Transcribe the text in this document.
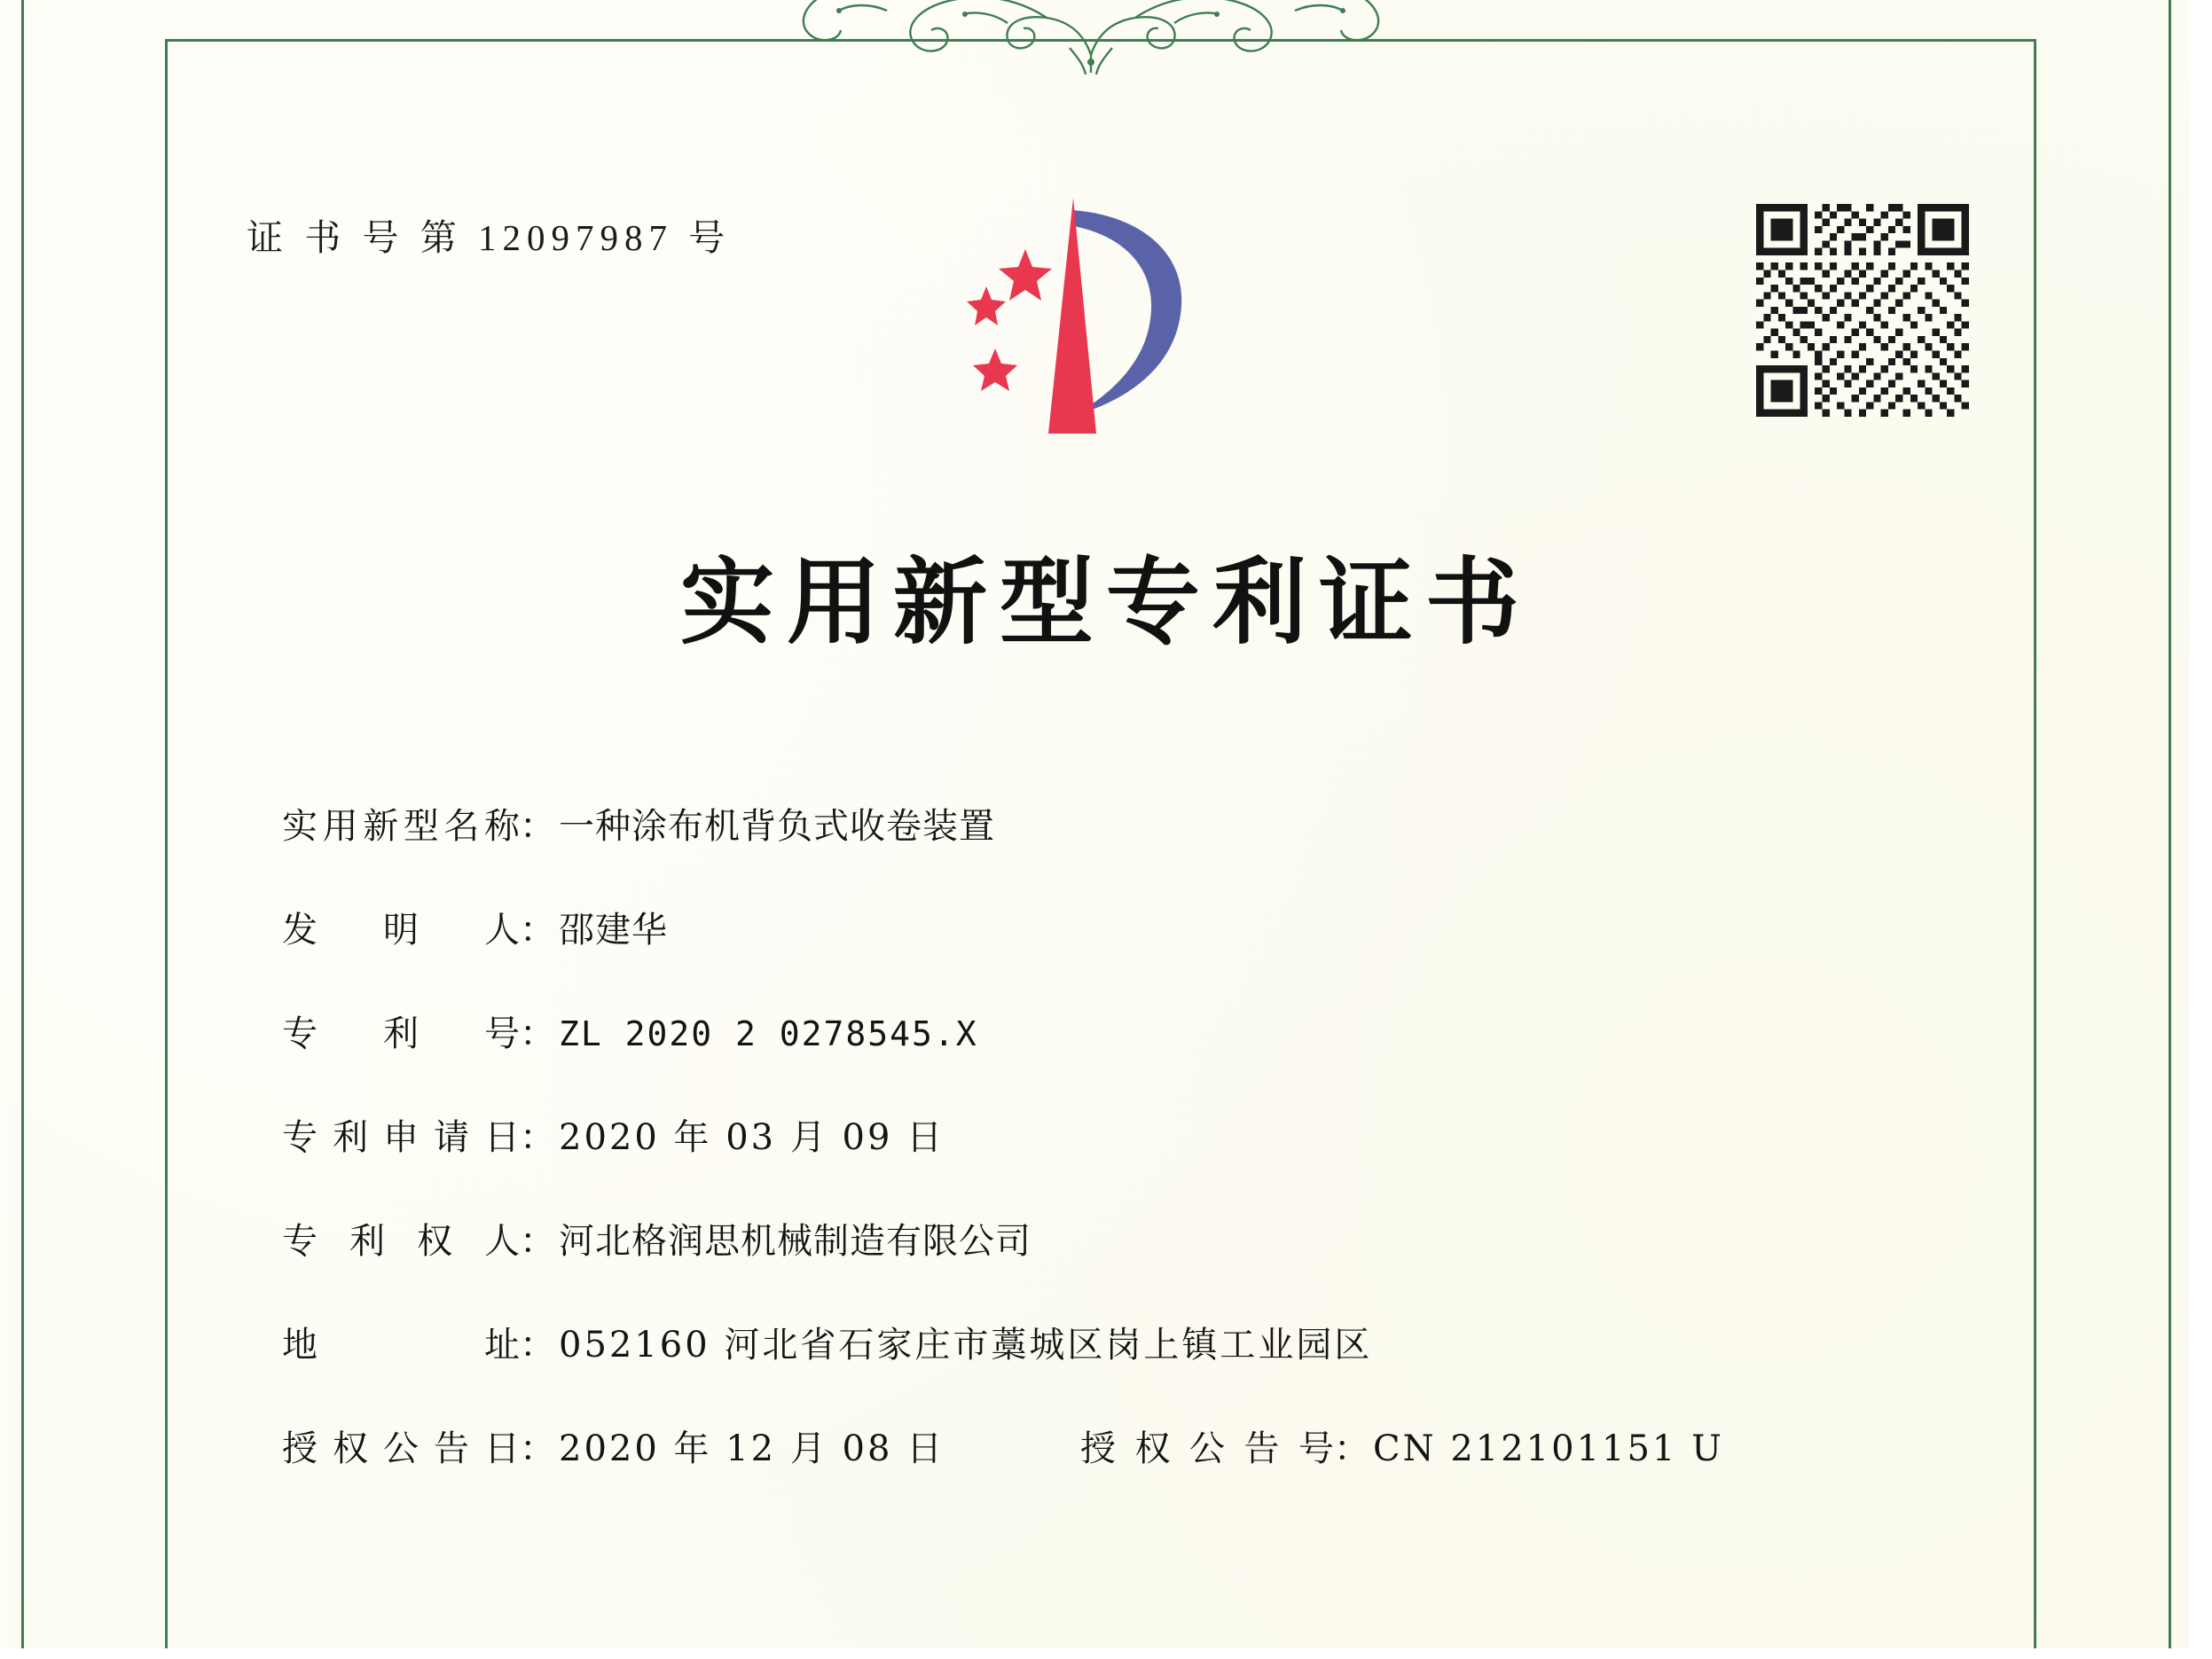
证 书 号 第 12097987 号
实用新型专利证书
实用新型名称 ： 一种涂布机背负式收卷装置
发 明 人 ： 邵建华
专 利 号 ： ZL 2020 2 0278545.X
专利申请日 ： 2020 年 03 月 09 日
专 利 权 人 ： 河北格润思机械制造有限公司
地 址 ： 052160 河北省石家庄市藁城区岗上镇工业园区
授权公告日 ： 2020 年 12 月 08 日	授权公告号 ： CN 212101151 U
